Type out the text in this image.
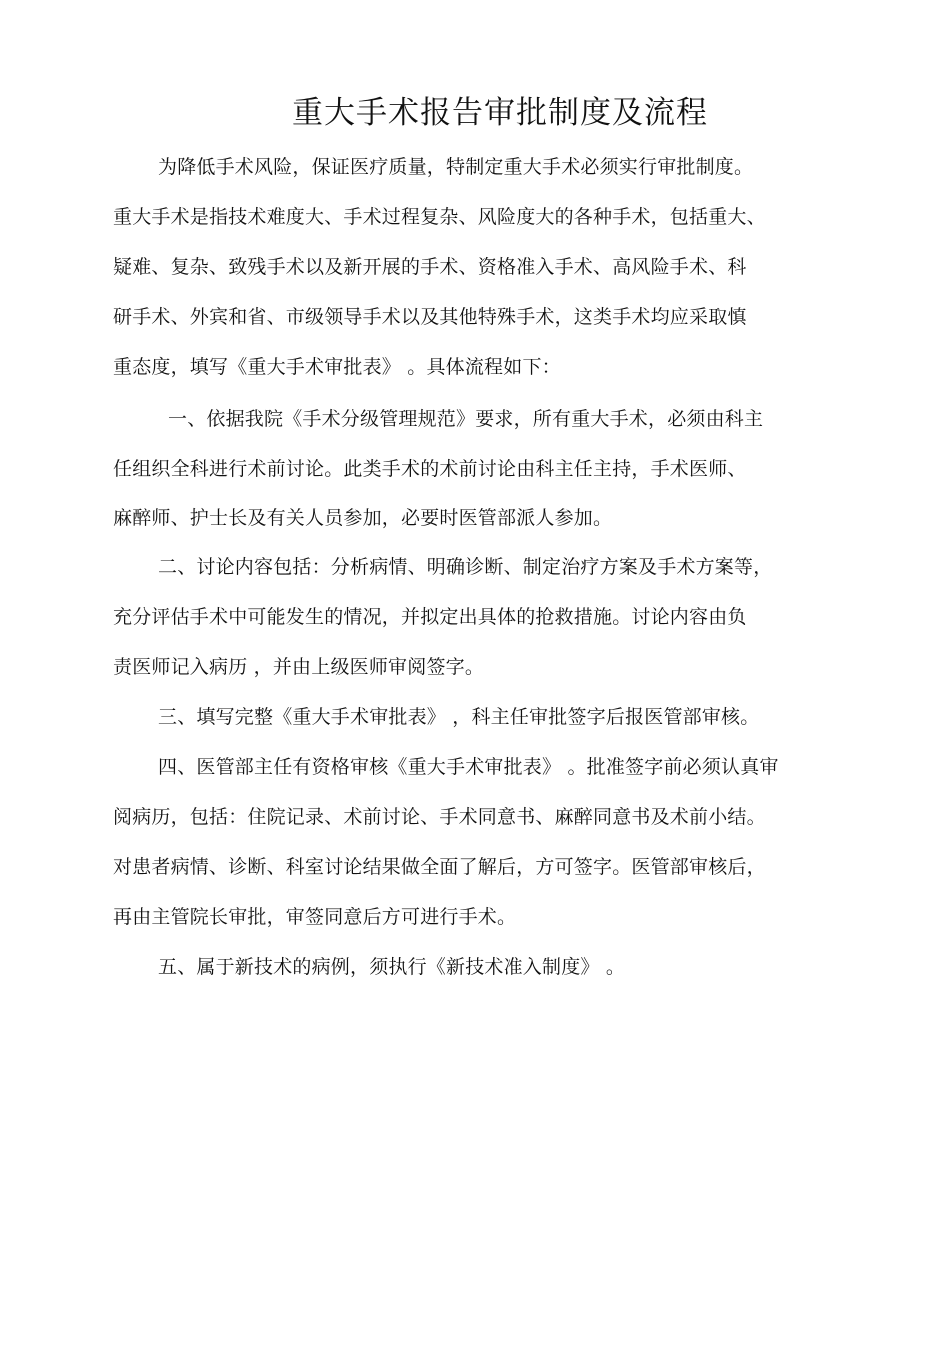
重大手术报告审批制度及流程
为降低手术风险，保证医疗质量，特制定重大手术必须实行审批制度。
重大手术是指技术难度大、手术过程复杂、风险度大的各种手术，包括重大、
疑难、复杂、致残手术以及新开展的手术、资格准入手术、高风险手术、科
研手术、外宾和省、市级领导手术以及其他特殊手术，这类手术均应采取慎
重态度，填写《重大手术审批表》 。具体流程如下：
一、依据我院《手术分级管理规范》要求，所有重大手术，必须由科主
任组织全科进行术前讨论。此类手术的术前讨论由科主任主持，手术医师、
麻醉师、护士长及有关人员参加，必要时医管部派人参加。
二、讨论内容包括：分析病情、明确诊断、制定治疗方案及手术方案等，
充分评估手术中可能发生的情况，并拟定出具体的抢救措施。讨论内容由负
责医师记入病历 ，并由上级医师审阅签字。
三、填写完整《重大手术审批表》 ，科主任审批签字后报医管部审核。
四、医管部主任有资格审核《重大手术审批表》 。批准签字前必须认真审
阅病历，包括：住院记录、术前讨论、手术同意书、麻醉同意书及术前小结。
对患者病情、诊断、科室讨论结果做全面了解后，方可签字。医管部审核后，
再由主管院长审批，审签同意后方可进行手术。
五、属于新技术的病例，须执行《新技术准入制度》 。
